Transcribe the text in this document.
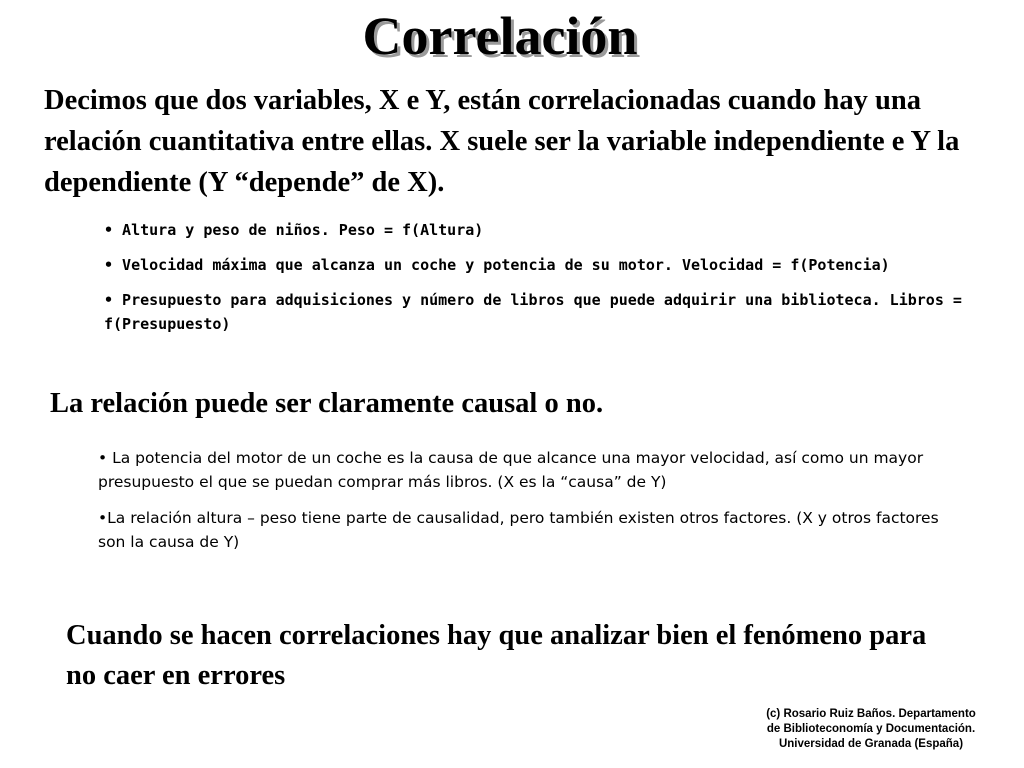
Correlación
Decimos que dos variables, X e Y, están correlacionadas cuando hay una relación cuantitativa entre ellas. X suele ser la variable independiente e Y la dependiente (Y “depende” de X).
• Altura y peso de niños. Peso = f(Altura)
• Velocidad máxima que alcanza un coche y potencia de su motor. Velocidad = f(Potencia)
• Presupuesto para adquisiciones y número de libros que puede adquirir una biblioteca. Libros = f(Presupuesto)
La relación puede ser claramente causal o no.
• La potencia del motor de un coche es la causa de que alcance una mayor velocidad, así como un mayor presupuesto el que se puedan comprar más libros. (X es la “causa” de Y)
•La relación altura – peso tiene parte de causalidad, pero también existen otros factores. (X y otros factores son la causa de Y)
Cuando se hacen correlaciones hay que analizar bien el fenómeno para no caer en errores
(c) Rosario Ruiz Baños. Departamento
de Biblioteconomía y Documentación.
Universidad de Granada (España)
